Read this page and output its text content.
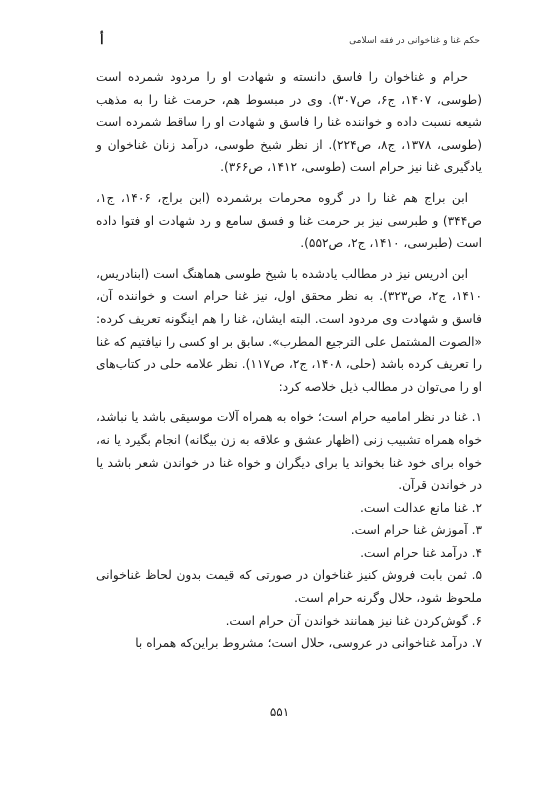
أ	حکم غنا و غناخوانی در فقه اسلامی

حرام و غناخوان را فاسق دانسته و شهادت او را مردود شمرده است (طوسی، ۱۴۰۷، ج۶، ص۳۰۷). وی در مبسوط هم، حرمت غنا را به مذهب شیعه نسبت داده و خواننده غنا را فاسق و شهادت او را ساقط شمرده است (طوسی، ۱۳۷۸، ج۸، ص۲۲۴). از نظر شیخ طوسی، درآمد زنان غناخوان و یادگیری غنا نیز حرام است (طوسی، ۱۴۱۲، ص۳۶۶).

ابن براج هم غنا را در گروه محرمات برشمرده (ابن براج، ۱۴۰۶، ج۱، ص۳۴۴) و طبرسی نیز بر حرمت غنا و فسق سامع و رد شهادت او فتوا داده است (طبرسی، ۱۴۱۰، ج۲، ص۵۵۲).

ابن ادریس نیز در مطالب یادشده با شیخ طوسی هماهنگ است (ابنادریس، ۱۴۱۰، ج۲، ص۳۲۳). به نظر محقق اول، نیز غنا حرام است و خواننده آن، فاسق و شهادت وی مردود است. البته ایشان، غنا را هم اینگونه تعریف کرده: «الصوت المشتمل علی الترجیع المطرب». سابق بر او کسی را نیافتیم که غنا را تعریف کرده باشد (حلی، ۱۴۰۸، ج۲، ص۱۱۷). نظر علامه حلی در کتاب‌های او را می‌توان در مطالب ذیل خلاصه کرد:

۱. غنا در نظر امامیه حرام است؛ خواه به همراه آلات موسیقی باشد یا نباشد، خواه همراه تشبیب زنی (اظهار عشق و علاقه به زن بیگانه) انجام بگیرد یا نه، خواه برای خود غنا بخواند یا برای دیگران و خواه غنا در خواندن شعر باشد یا در خواندن قرآن.
۲. غنا مانع عدالت است.
۳. آموزش غنا حرام است.
۴. درآمد غنا حرام است.
۵. ثمن بابت فروش کنیز غناخوان در صورتی که قیمت بدون لحاظ غناخوانی ملحوظ شود، حلال وگرنه حرام است.
۶. گوش‌کردن غنا نیز همانند خواندن آن حرام است.
۷. درآمد غناخوانی در عروسی، حلال است؛ مشروط براین‌که همراه با
۵۵۱
